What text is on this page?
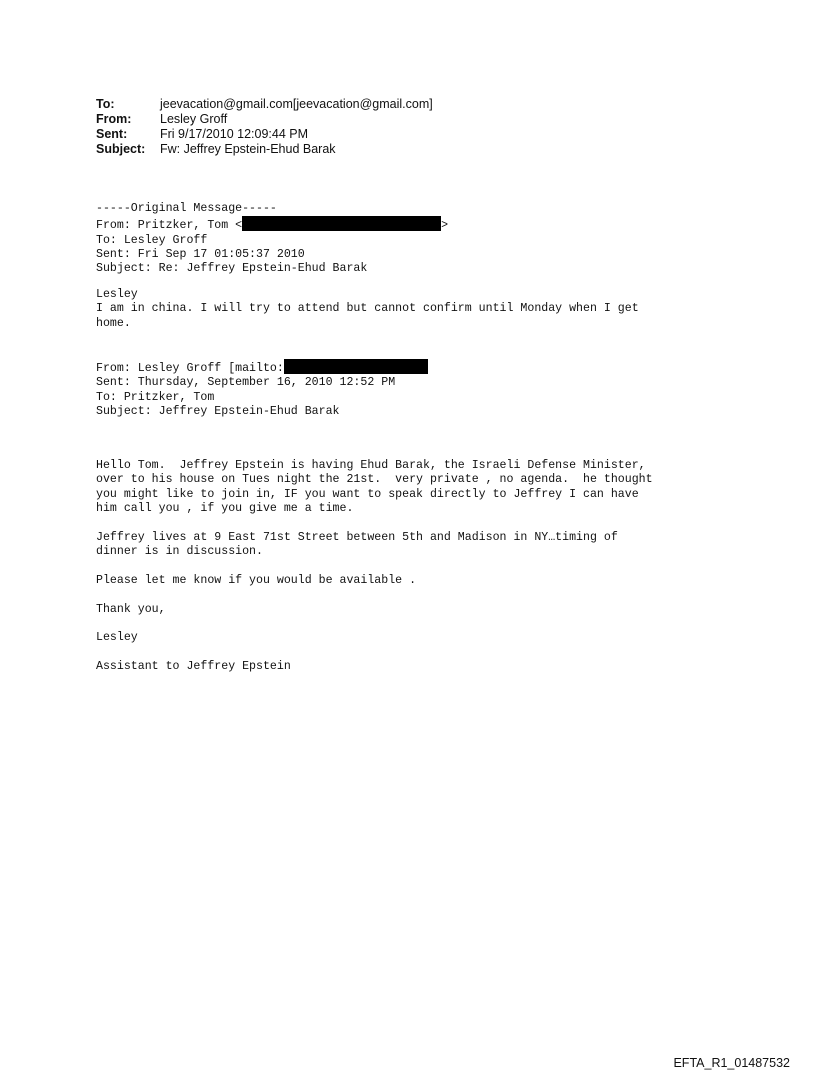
To:	jeevacation@gmail.com[jeevacation@gmail.com]
From:	Lesley Groff
Sent:	Fri 9/17/2010 12:09:44 PM
Subject:	Fw: Jeffrey Epstein-Ehud Barak

-----Original Message-----

From: Pritzker, Tom <	>

To: Lesley Groff

Sent: Fri Sep 17 01:05:37 2010

Subject: Re: Jeffrey Epstein-Ehud Barak

Lesley

I am in china. I will try to attend but cannot confirm until Monday when I get

home.

From: Lesley Groff [mailto:

Sent: Thursday, September 16, 2010 12:52 PM

To: Pritzker, Tom

Subject: Jeffrey Epstein-Ehud Barak

Hello Tom.  Jeffrey Epstein is having Ehud Barak, the Israeli Defense Minister,

over to his house on Tues night the 21st.  very private , no agenda.  he thought

you might like to join in, IF you want to speak directly to Jeffrey I can have

him call you , if you give me a time.

Jeffrey lives at 9 East 71st Street between 5th and Madison in NY…timing of

dinner is in discussion.

Please let me know if you would be available .

Thank you,

Lesley

Assistant to Jeffrey Epstein

EFTA_R1_01487532
